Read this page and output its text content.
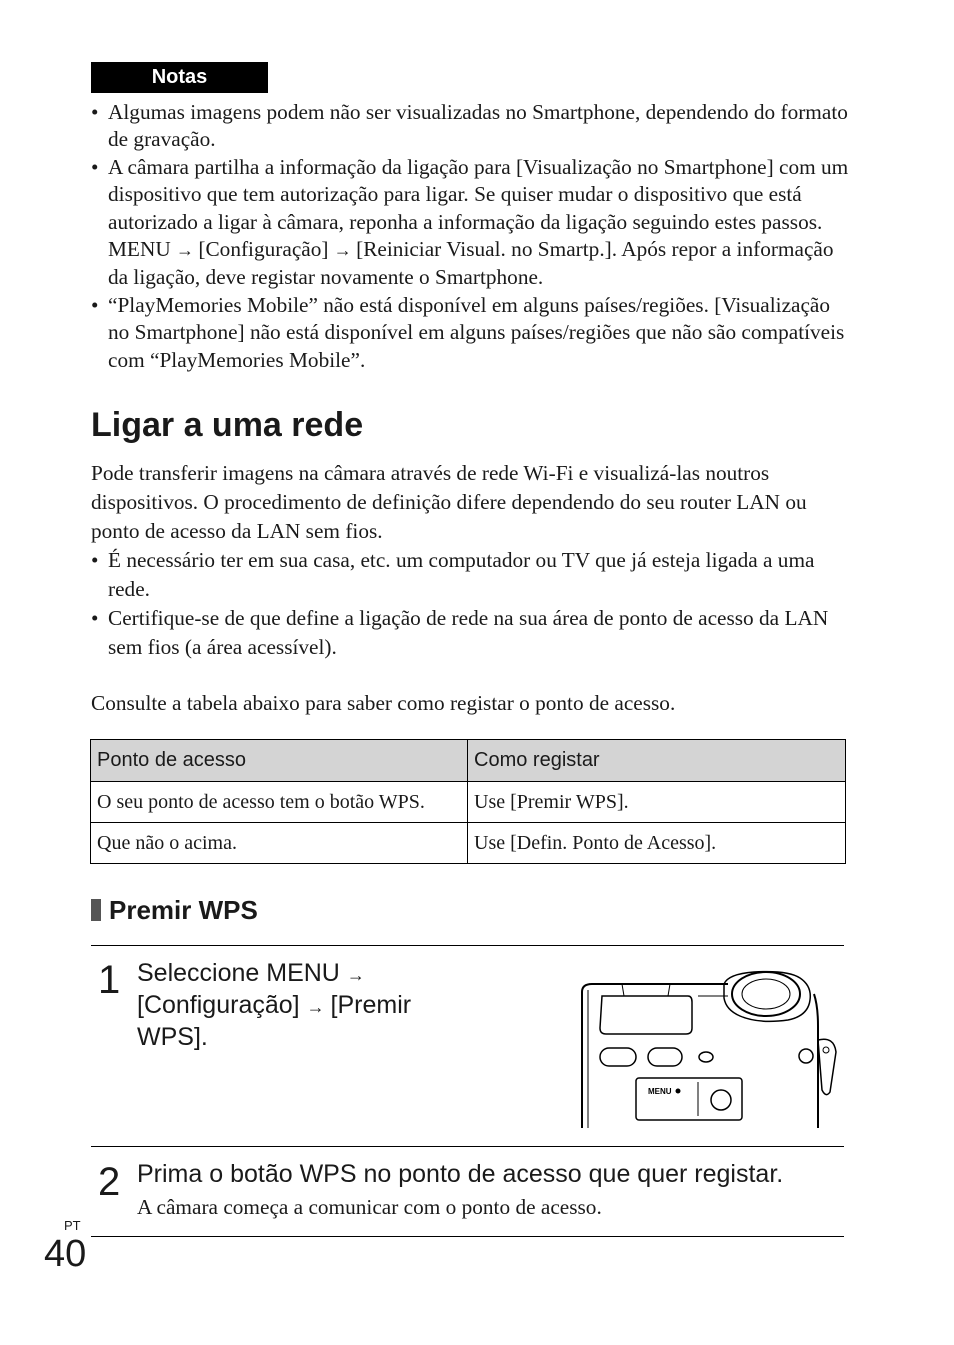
Notas
• Algumas imagens podem não ser visualizadas no Smartphone, dependendo do formato de gravação.
• A câmara partilha a informação da ligação para [Visualização no Smartphone] com um dispositivo que tem autorização para ligar. Se quiser mudar o dispositivo que está autorizado a ligar à câmara, reponha a informação da ligação seguindo estes passos. MENU → [Configuração] → [Reiniciar Visual. no Smartp.]. Após repor a informação da ligação, deve registar novamente o Smartphone.
• “PlayMemories Mobile” não está disponível em alguns países/regiões. [Visualização no Smartphone] não está disponível em alguns países/regiões que não são compatíveis com “PlayMemories Mobile”.
Ligar a uma rede

Pode transferir imagens na câmara através de rede Wi-Fi e visualizá-las noutros dispositivos. O procedimento de definição difere dependendo do seu router LAN ou ponto de acesso da LAN sem fios.

• É necessário ter em sua casa, etc. um computador ou TV que já esteja ligada a uma rede.
• Certifique-se de que define a ligação de rede na sua área de ponto de acesso da LAN sem fios (a área acessível).

Consulte a tabela abaixo para saber como registar o ponto de acesso.

Ponto de acesso	Como registar
O seu ponto de acesso tem o botão WPS.	Use [Premir WPS].
Que não o acima.	Use [Defin. Ponto de Acesso].
Premir WPS
1 Seleccione MENU →
[Configuração] → [Premir
WPS].
MENU
2 Prima o botão WPS no ponto de acesso que quer registar.
A câmara começa a comunicar com o ponto de acesso.
PT
40
